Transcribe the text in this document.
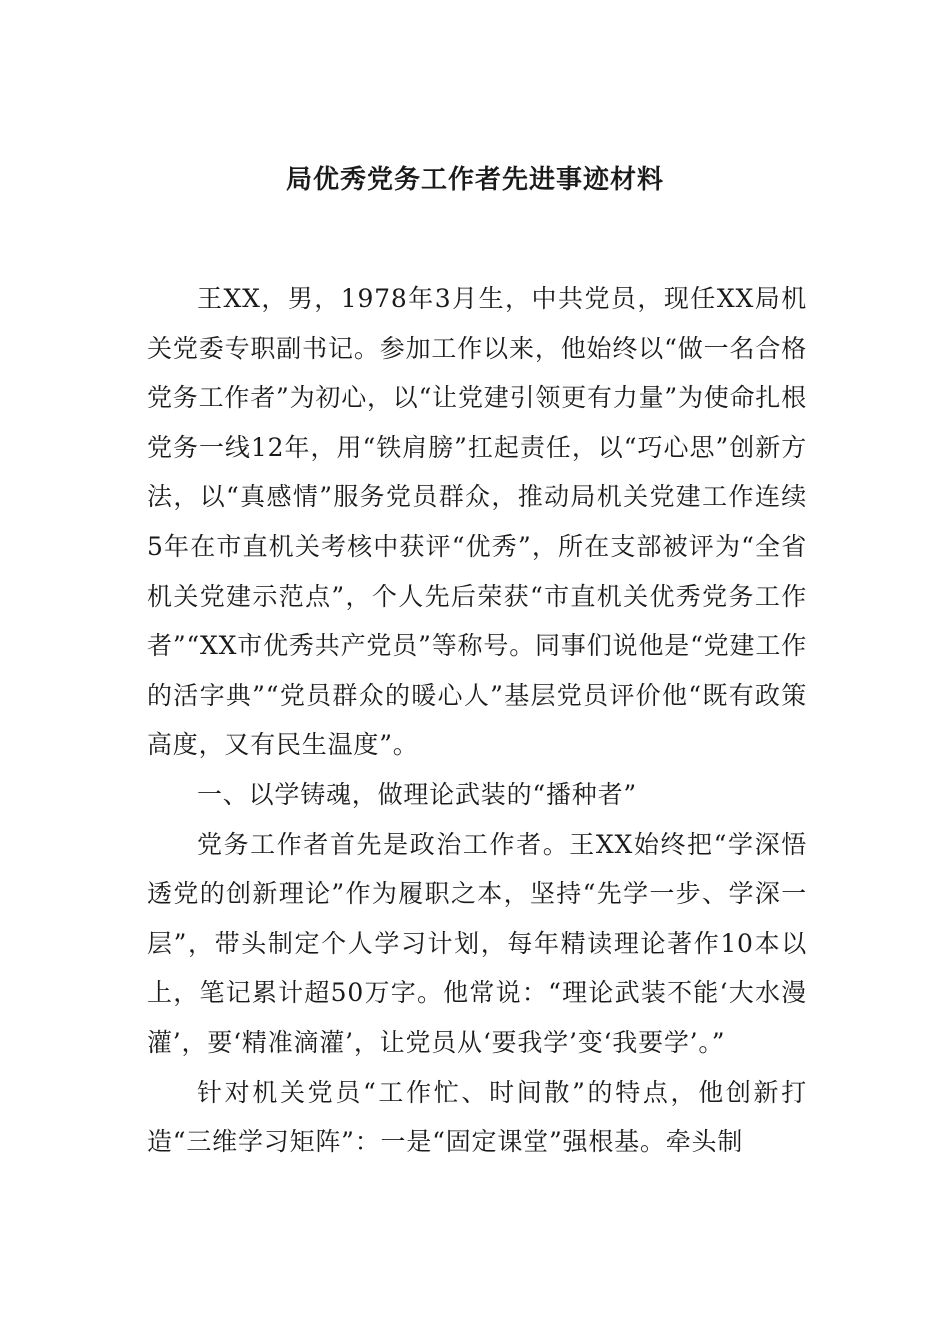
局优秀党务工作者先进事迹材料

王XX，男，1978年3月生，中共党员，现任XX局机关党委专职副书记。参加工作以来，他始终以“做一名合格党务工作者”为初心，以“让党建引领更有力量”为使命扎根党务一线12年，用“铁肩膀”扛起责任，以“巧心思”创新方法，以“真感情”服务党员群众，推动局机关党建工作连续5年在市直机关考核中获评“优秀”，所在支部被评为“全省机关党建示范点”，个人先后荣获“市直机关优秀党务工作者”“XX市优秀共产党员”等称号。同事们说他是“党建工作的活字典”“党员群众的暖心人”基层党员评价他“既有政策高度，又有民生温度”。

一、以学铸魂，做理论武装的“播种者”

党务工作者首先是政治工作者。王XX始终把“学深悟透党的创新理论”作为履职之本，坚持“先学一步、学深一层”，带头制定个人学习计划，每年精读理论著作10本以上，笔记累计超50万字。他常说：“理论武装不能‘大水漫灌’，要‘精准滴灌’，让党员从‘要我学’变‘我要学’。”

针对机关党员“工作忙、时间散”的特点，他创新打造“三维学习矩阵”：一是“固定课堂”强根基。牵头制
